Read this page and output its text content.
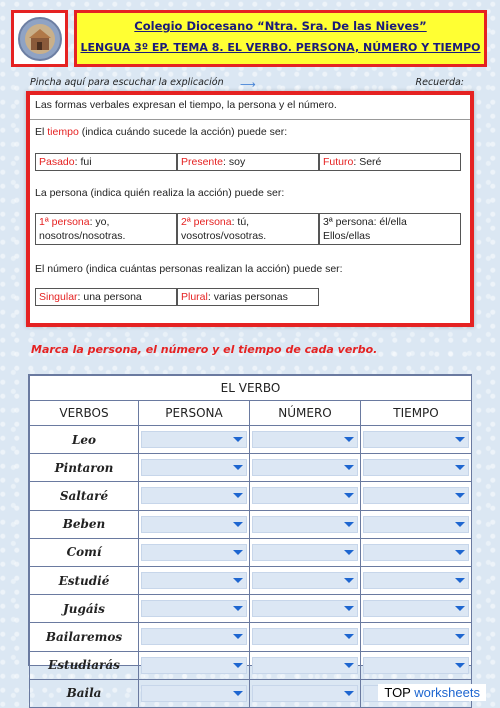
Colegio Diocesano “Ntra. Sra. De las Nieves”
LENGUA 3º EP. TEMA 8. EL VERBO. PERSONA, NÚMERO Y TIEMPO
Pincha aquí para escuchar la explicación ⟶	Recuerda:
Las formas verbales expresan el tiempo, la persona y el número.
El tiempo (indica cuándo sucede la acción) puede ser:
Pasado: fui	Presente: soy	Futuro: Seré
La persona (indica quién realiza la acción) puede ser:
1ª persona: yo,
nosotros/nosotras.
2ª persona: tú,
vosotros/vosotras.
3ª persona: él/ella
Ellos/ellas
El número (indica cuántas personas realizan la acción) puede ser:
Singular: una persona	Plural: varias personas
Marca la persona, el número y el tiempo de cada verbo.
EL VERBO			
VERBOS	PERSONA	NÚMERO	TIEMPO
Leo	

Pintaron	

Saltaré	

Beben	

Comí	

Estudié	

Jugáis	

Bailaremos	

Estudiarás	

Baila	

		TOP worksheets
